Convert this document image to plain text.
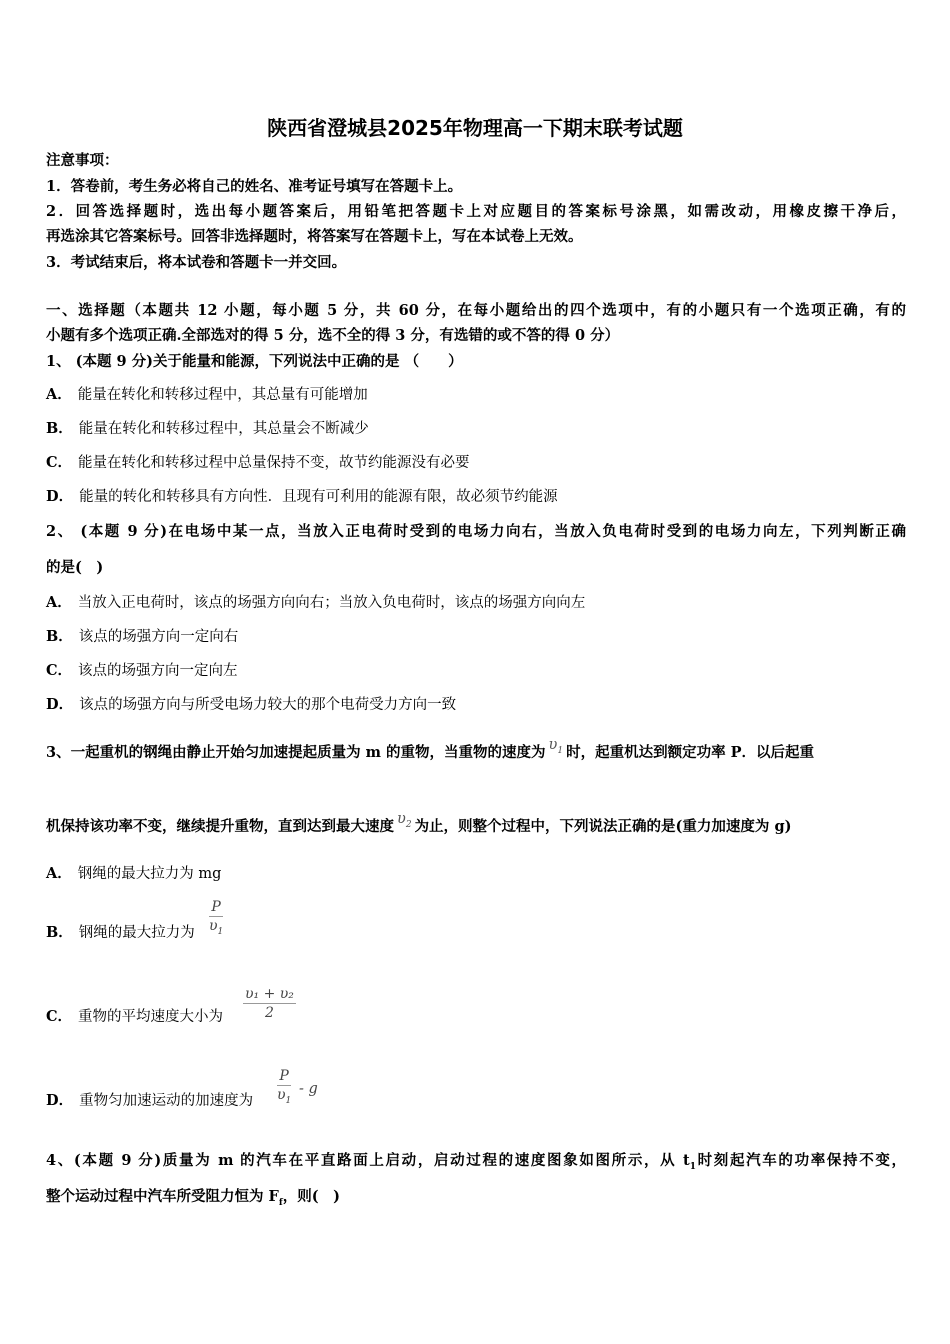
陕西省澄城县2025年物理高一下期末联考试题
注意事项：
1．答卷前，考生务必将自己的姓名、准考证号填写在答题卡上。
2．回答选择题时，选出每小题答案后，用铅笔把答题卡上对应题目的答案标号涂黑，如需改动，用橡皮擦干净后，
再选涂其它答案标号。回答非选择题时，将答案写在答题卡上，写在本试卷上无效。
3．考试结束后，将本试卷和答题卡一并交回。
一、选择题（本题共 12 小题，每小题 5 分，共 60 分，在每小题给出的四个选项中，有的小题只有一个选项正确，有的
小题有多个选项正确.全部选对的得 5 分，选不全的得 3 分，有选错的或不答的得 0 分）
1、 (本题 9 分)关于能量和能源，下列说法中正确的是 （　　）
A． 能量在转化和转移过程中，其总量有可能增加
B． 能量在转化和转移过程中，其总量会不断减少
C． 能量在转化和转移过程中总量保持不变，故节约能源没有必要
D． 能量的转化和转移具有方向性．且现有可利用的能源有限，故必须节约能源
2、 (本题 9 分)在电场中某一点，当放入正电荷时受到的电场力向右，当放入负电荷时受到的电场力向左，下列判断正确
的是(　)
A． 当放入正电荷时，该点的场强方向向右；当放入负电荷时，该点的场强方向向左
B． 该点的场强方向一定向右
C． 该点的场强方向一定向左
D． 该点的场强方向与所受电场力较大的那个电荷受力方向一致
3、一起重机的钢绳由静止开始匀加速提起质量为 m 的重物，当重物的速度为 $\upsilon_1$ 时，起重机达到额定功率 P．以后起重
机保持该功率不变，继续提升重物，直到达到最大速度 $\upsilon_2$ 为止，则整个过程中，下列说法正确的是(重力加速度为 g)
A． 钢绳的最大拉力为 mg
B． 钢绳的最大拉力为
P
$\upsilon_1$
C． 重物的平均速度大小为
υ₁ + υ₂
2
D． 重物匀加速运动的加速度为
P
$\upsilon_1$
- g
4、(本题 9 分)质量为 m 的汽车在平直路面上启动，启动过程的速度图象如图所示，从 $t_1$时刻起汽车的功率保持不变，
整个运动过程中汽车所受阻力恒为 $F_f$，则(　)
